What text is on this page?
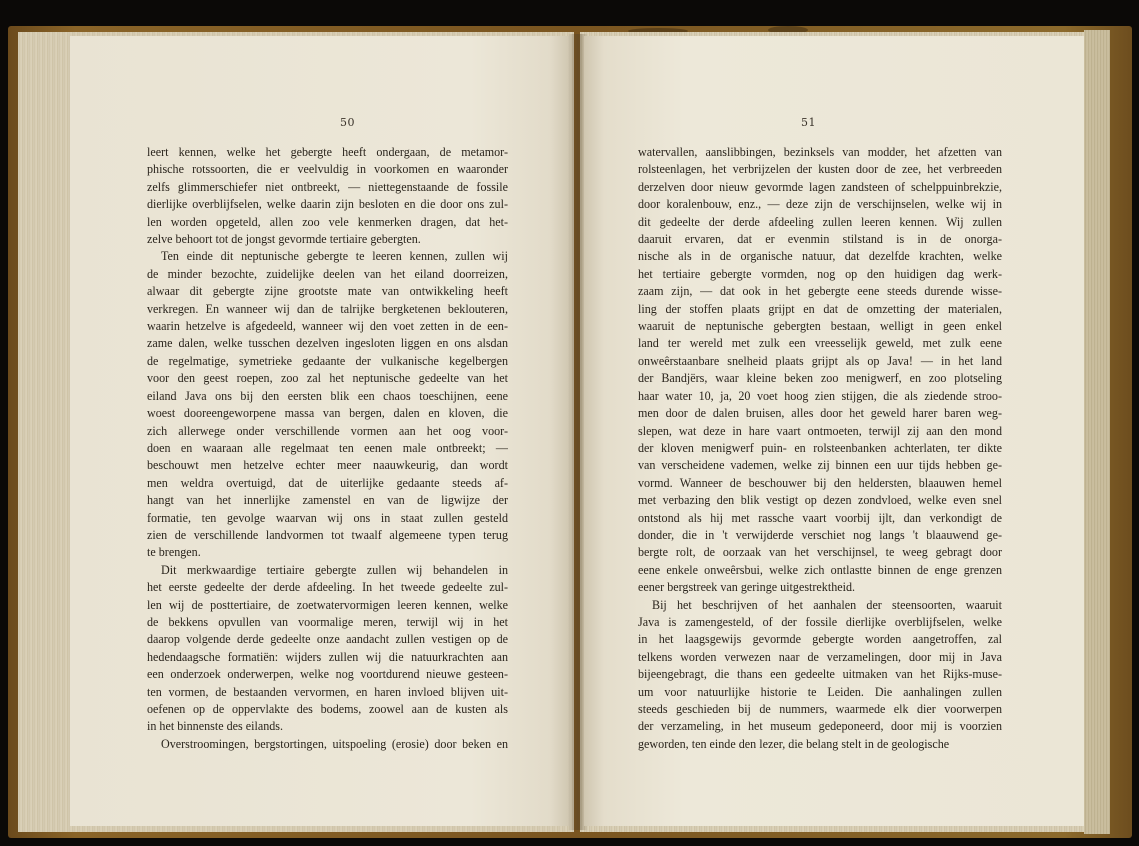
50
leert kennen, welke het gebergte heeft ondergaan, de metamor-
phische rotssoorten, die er veelvuldig in voorkomen en waaronder
zelfs glimmerschiefer niet ontbreekt, — niettegenstaande de fossile
dierlijke overblijfselen, welke daarin zijn besloten en die door ons zul-
len worden opgeteld, allen zoo vele kenmerken dragen, dat het-
zelve behoort tot de jongst gevormde tertiaire gebergten.
Ten einde dit neptunische gebergte te leeren kennen, zullen wij
de minder bezochte, zuidelijke deelen van het eiland doorreizen,
alwaar dit gebergte zijne grootste mate van ontwikkeling heeft
verkregen. En wanneer wij dan de talrijke bergketenen beklouteren,
waarin hetzelve is afgedeeld, wanneer wij den voet zetten in de een-
zame dalen, welke tusschen dezelven ingesloten liggen en ons alsdan
de regelmatige, symetrieke gedaante der vulkanische kegelbergen
voor den geest roepen, zoo zal het neptunische gedeelte van het
eiland Java ons bij den eersten blik een chaos toeschijnen, eene
woest dooreengeworpene massa van bergen, dalen en kloven, die
zich allerwege onder verschillende vormen aan het oog voor-
doen en waaraan alle regelmaat ten eenen male ontbreekt; —
beschouwt men hetzelve echter meer naauwkeurig, dan wordt
men weldra overtuigd, dat de uiterlijke gedaante steeds af-
hangt van het innerlijke zamenstel en van de ligwijze der
formatie, ten gevolge waarvan wij ons in staat zullen gesteld
zien de verschillende landvormen tot twaalf algemeene typen terug
te brengen.
Dit merkwaardige tertiaire gebergte zullen wij behandelen in
het eerste gedeelte der derde afdeeling. In het tweede gedeelte zul-
len wij de posttertiaire, de zoetwatervormigen leeren kennen, welke
de bekkens opvullen van voormalige meren, terwijl wij in het
daarop volgende derde gedeelte onze aandacht zullen vestigen op de
hedendaagsche formatiën: wijders zullen wij die natuurkrachten aan
een onderzoek onderwerpen, welke nog voortdurend nieuwe gesteen-
ten vormen, de bestaanden vervormen, en haren invloed blijven uit-
oefenen op de oppervlakte des bodems, zoowel aan de kusten als
in het binnenste des eilands.
Overstroomingen, bergstortingen, uitspoeling (erosie) door beken en
51
watervallen, aanslibbingen, bezinksels van modder, het afzetten van
rolsteenlagen, het verbrijzelen der kusten door de zee, het verbreeden
derzelven door nieuw gevormde lagen zandsteen of schelppuinbrekzie,
door koralenbouw, enz., — deze zijn de verschijnselen, welke wij in
dit gedeelte der derde afdeeling zullen leeren kennen. Wij zullen
daaruit ervaren, dat er evenmin stilstand is in de onorga-
nische als in de organische natuur, dat dezelfde krachten, welke
het tertiaire gebergte vormden, nog op den huidigen dag werk-
zaam zijn, — dat ook in het gebergte eene steeds durende wisse-
ling der stoffen plaats grijpt en dat de omzetting der materialen,
waaruit de neptunische gebergten bestaan, welligt in geen enkel
land ter wereld met zulk een vreesselijk geweld, met zulk eene
onweêrstaanbare snelheid plaats grijpt als op Java! — in het land
der Bandjërs, waar kleine beken zoo menigwerf, en zoo plotseling
haar water 10, ja, 20 voet hoog zien stijgen, die als ziedende stroo-
men door de dalen bruisen, alles door het geweld harer baren weg-
slepen, wat deze in hare vaart ontmoeten, terwijl zij aan den mond
der kloven menigwerf puin- en rolsteenbanken achterlaten, ter dikte
van verscheidene vademen, welke zij binnen een uur tijds hebben ge-
vormd. Wanneer de beschouwer bij den heldersten, blaauwen hemel
met verbazing den blik vestigt op dezen zondvloed, welke even snel
ontstond als hij met rassche vaart voorbij ijlt, dan verkondigt de
donder, die in 't verwijderde verschiet nog langs 't blaauwend ge-
bergte rolt, de oorzaak van het verschijnsel, te weeg gebragt door
eene enkele onweêrsbui, welke zich ontlastte binnen de enge grenzen
eener bergstreek van geringe uitgestrektheid.
Bij het beschrijven of het aanhalen der steensoorten, waaruit
Java is zamengesteld, of der fossile dierlijke overblijfselen, welke
in het laagsgewijs gevormde gebergte worden aangetroffen, zal
telkens worden verwezen naar de verzamelingen, door mij in Java
bijeengebragt, die thans een gedeelte uitmaken van het Rijks-muse-
um voor natuurlijke historie te Leiden. Die aanhalingen zullen
steeds geschieden bij de nummers, waarmede elk dier voorwerpen
der verzameling, in het museum gedeponeerd, door mij is voorzien
geworden, ten einde den lezer, die belang stelt in de geologische
